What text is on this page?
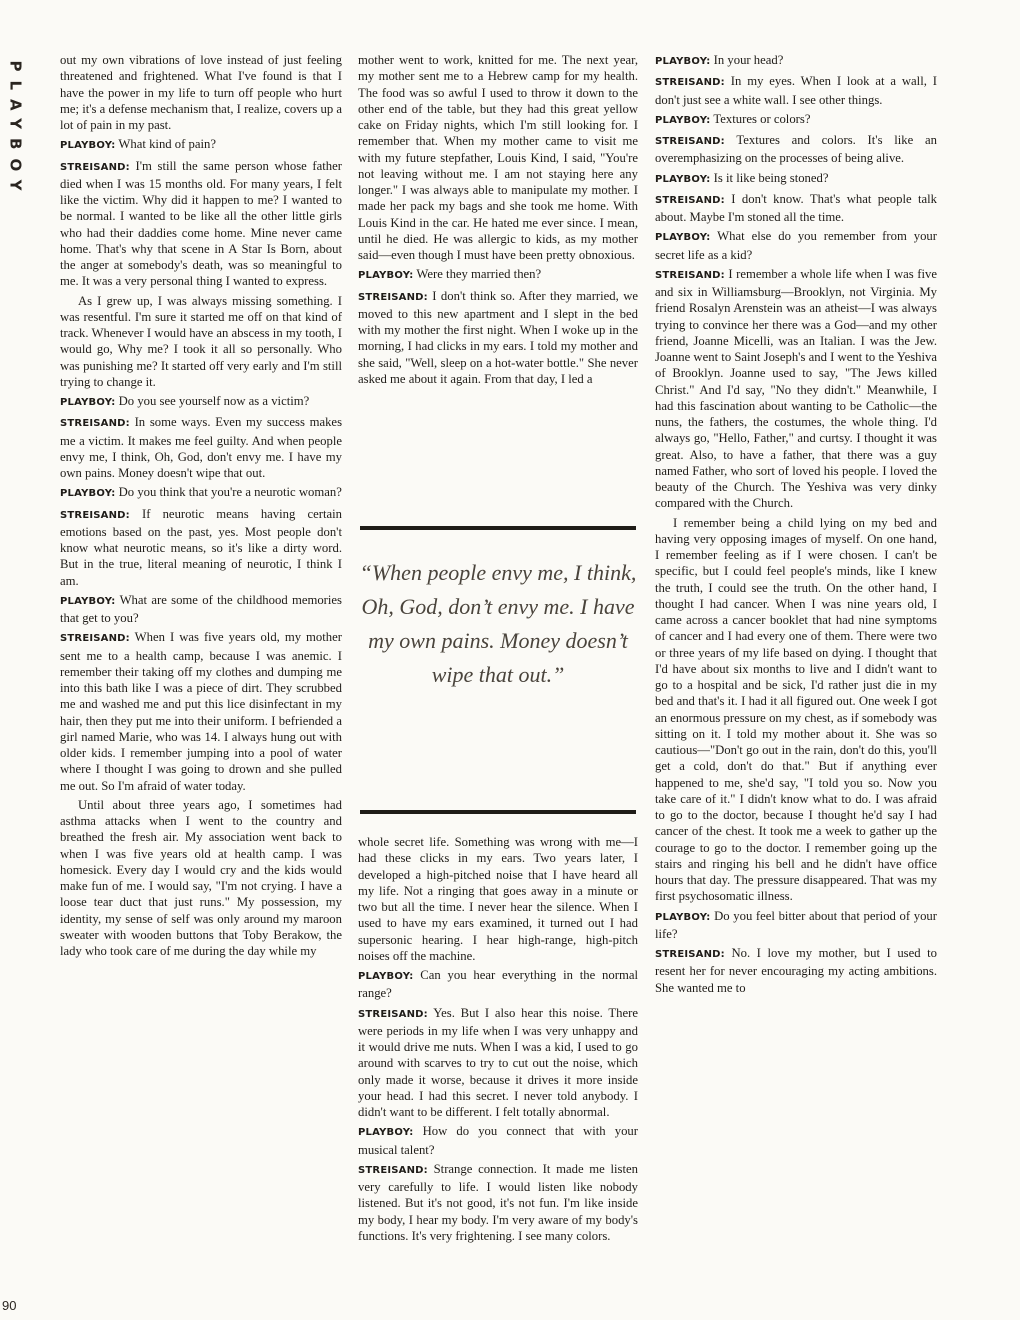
PLAYBOY
90

out my own vibrations of love instead of just feeling threatened and frightened. What I've found is that I have the power in my life to turn off people who hurt me; it's a defense mechanism that, I realize, covers up a lot of pain in my past.

PLAYBOY: What kind of pain?

STREISAND: I'm still the same person whose father died when I was 15 months old. For many years, I felt like the victim. Why did it happen to me? I wanted to be normal. I wanted to be like all the other little girls who had their daddies come home. Mine never came home. That's why that scene in A Star Is Born, about the anger at somebody's death, was so meaningful to me. It was a very personal thing I wanted to express.

As I grew up, I was always missing something. I was resentful. I'm sure it started me off on that kind of track. Whenever I would have an abscess in my tooth, I would go, Why me? I took it all so personally. Who was punishing me? It started off very early and I'm still trying to change it.

PLAYBOY: Do you see yourself now as a victim?

STREISAND: In some ways. Even my success makes me a victim. It makes me feel guilty. And when people envy me, I think, Oh, God, don't envy me. I have my own pains. Money doesn't wipe that out.

PLAYBOY: Do you think that you're a neurotic woman?

STREISAND: If neurotic means having certain emotions based on the past, yes. Most people don't know what neurotic means, so it's like a dirty word. But in the true, literal meaning of neurotic, I think I am.

PLAYBOY: What are some of the childhood memories that get to you?

STREISAND: When I was five years old, my mother sent me to a health camp, because I was anemic. I remember their taking off my clothes and dumping me into this bath like I was a piece of dirt. They scrubbed me and washed me and put this lice disinfectant in my hair, then they put me into their uniform. I befriended a girl named Marie, who was 14. I always hung out with older kids. I remember jumping into a pool of water where I thought I was going to drown and she pulled me out. So I'm afraid of water today.

Until about three years ago, I sometimes had asthma attacks when I went to the country and breathed the fresh air. My association went back to when I was five years old at health camp. I was homesick. Every day I would cry and the kids would make fun of me. I would say, "I'm not crying. I have a loose tear duct that just runs." My possession, my identity, my sense of self was only around my maroon sweater with wooden buttons that Toby Berakow, the lady who took care of me during the day while my

mother went to work, knitted for me. The next year, my mother sent me to a Hebrew camp for my health. The food was so awful I used to throw it down to the other end of the table, but they had this great yellow cake on Friday nights, which I'm still looking for. I remember that. When my mother came to visit me with my future stepfather, Louis Kind, I said, "You're not leaving without me. I am not staying here any longer." I was always able to manipulate my mother. I made her pack my bags and she took me home. With Louis Kind in the car. He hated me ever since. I mean, until he died. He was allergic to kids, as my mother said—even though I must have been pretty obnoxious.

PLAYBOY: Were they married then?

STREISAND: I don't think so. After they married, we moved to this new apartment and I slept in the bed with my mother the first night. When I woke up in the morning, I had clicks in my ears. I told my mother and she said, "Well, sleep on a hot-water bottle." She never asked me about it again. From that day, I led a

“When people envy me, I think, Oh, God, don’t envy me. I have my own pains. Money doesn’t wipe that out.”

whole secret life. Something was wrong with me—I had these clicks in my ears. Two years later, I developed a high-pitched noise that I have heard all my life. Not a ringing that goes away in a minute or two but all the time. I never hear the silence. When I used to have my ears examined, it turned out I had supersonic hearing. I hear high-range, high-pitch noises off the machine.

PLAYBOY: Can you hear everything in the normal range?

STREISAND: Yes. But I also hear this noise. There were periods in my life when I was very unhappy and it would drive me nuts. When I was a kid, I used to go around with scarves to try to cut out the noise, which only made it worse, because it drives it more inside your head. I had this secret. I never told anybody. I didn't want to be different. I felt totally abnormal.

PLAYBOY: How do you connect that with your musical talent?

STREISAND: Strange connection. It made me listen very carefully to life. I would listen like nobody listened. But it's not good, it's not fun. I'm like inside my body, I hear my body. I'm very aware of my body's functions. It's very frightening. I see many colors.

PLAYBOY: In your head?

STREISAND: In my eyes. When I look at a wall, I don't just see a white wall. I see other things.

PLAYBOY: Textures or colors?

STREISAND: Textures and colors. It's like an overemphasizing on the processes of being alive.

PLAYBOY: Is it like being stoned?

STREISAND: I don't know. That's what people talk about. Maybe I'm stoned all the time.

PLAYBOY: What else do you remember from your secret life as a kid?

STREISAND: I remember a whole life when I was five and six in Williamsburg—Brooklyn, not Virginia. My friend Rosalyn Arenstein was an atheist—I was always trying to convince her there was a God—and my other friend, Joanne Micelli, was an Italian. I was the Jew. Joanne went to Saint Joseph's and I went to the Yeshiva of Brooklyn. Joanne used to say, "The Jews killed Christ." And I'd say, "No they didn't." Meanwhile, I had this fascination about wanting to be Catholic—the nuns, the fathers, the costumes, the whole thing. I'd always go, "Hello, Father," and curtsy. I thought it was great. Also, to have a father, that there was a guy named Father, who sort of loved his people. I loved the beauty of the Church. The Yeshiva was very dinky compared with the Church.

I remember being a child lying on my bed and having very opposing images of myself. On one hand, I remember feeling as if I were chosen. I can't be specific, but I could feel people's minds, like I knew the truth, I could see the truth. On the other hand, I thought I had cancer. When I was nine years old, I came across a cancer booklet that had nine symptoms of cancer and I had every one of them. There were two or three years of my life based on dying. I thought that I'd have about six months to live and I didn't want to go to a hospital and be sick, I'd rather just die in my bed and that's it. I had it all figured out. One week I got an enormous pressure on my chest, as if somebody was sitting on it. I told my mother about it. She was so cautious—"Don't go out in the rain, don't do this, you'll get a cold, don't do that." But if anything ever happened to me, she'd say, "I told you so. Now you take care of it." I didn't know what to do. I was afraid to go to the doctor, because I thought he'd say I had cancer of the chest. It took me a week to gather up the courage to go to the doctor. I remember going up the stairs and ringing his bell and he didn't have office hours that day. The pressure disappeared. That was my first psychosomatic illness.

PLAYBOY: Do you feel bitter about that period of your life?

STREISAND: No. I love my mother, but I used to resent her for never encouraging my acting ambitions. She wanted me to
